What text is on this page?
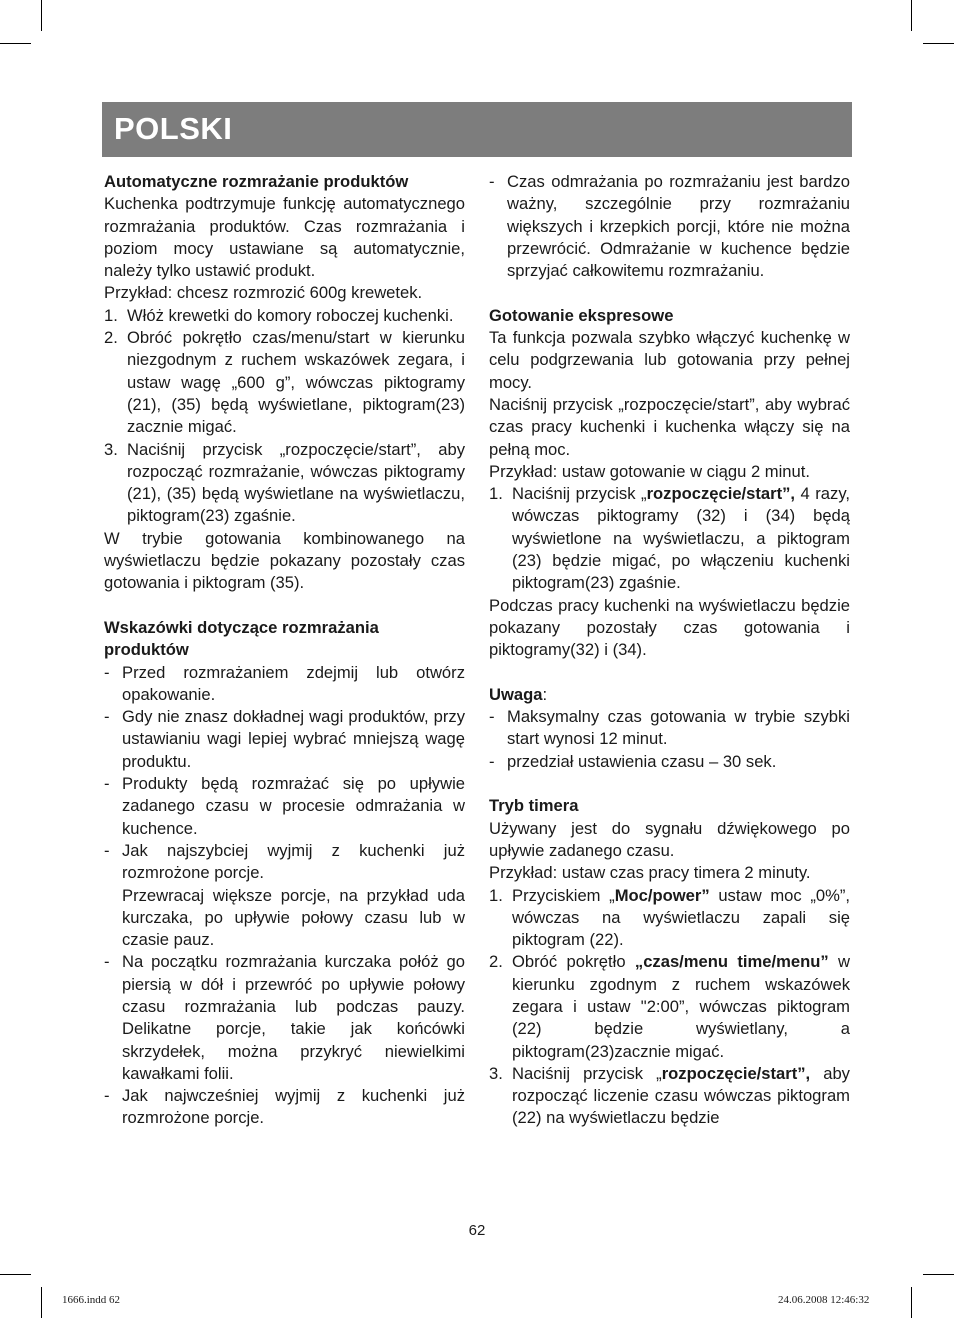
POLSKI

Automatyczne rozmrażanie produktów

Kuchenka podtrzymuje funkcję automatycznego rozmrażania produktów. Czas rozmrażania i poziom mocy ustawiane są automatycznie, należy tylko ustawić produkt.

Przykład: chcesz rozmrozić 600g krewetek.

1. Włóż krewetki do komory roboczej kuchenki.
2. Obróć pokrętło czas/menu/start w kierunku niezgodnym z ruchem wskazówek zegara, i ustaw wagę „600 g”, wówczas piktogramy (21), (35) będą wyświetlane, piktogram(23) zacznie migać.
3. Naciśnij przycisk „rozpoczęcie/start”, aby rozpocząć rozmrażanie, wówczas piktogramy (21), (35) będą wyświetlane na wyświetlaczu, piktogram(23) zgaśnie.

W trybie gotowania kombinowanego na wyświetlaczu będzie pokazany pozostały czas gotowania i piktogram (35).

Wskazówki dotyczące rozmrażania produktów

- Przed rozmrażaniem zdejmij lub otwórz opakowanie.
- Gdy nie znasz dokładnej wagi produktów, przy ustawianiu wagi lepiej wybrać mniejszą wagę produktu.
- Produkty będą rozmrażać się po upływie zadanego czasu w procesie odmrażania w kuchence.
- Jak najszybciej wyjmij z kuchenki już rozmrożone porcje.
Przewracaj większe porcje, na przykład uda kurczaka, po upływie połowy czasu lub w czasie pauz.
- Na początku rozmrażania kurczaka połóż go piersią w dół i przewróć po upływie połowy czasu rozmrażania lub podczas pauzy. Delikatne porcje, takie jak końcówki skrzydełek, można przykryć niewielkimi kawałkami folii.
- Jak najwcześniej wyjmij z kuchenki już rozmrożone porcje.
- Czas odmrażania po rozmrażaniu jest bardzo ważny, szczególnie przy rozmrażaniu większych i krzepkich porcji, które nie można przewrócić. Odmrażanie w kuchence będzie sprzyjać całkowitemu rozmrażaniu.

Gotowanie ekspresowe

Ta funkcja pozwala szybko włączyć kuchenkę w celu podgrzewania lub gotowania przy pełnej mocy.

Naciśnij przycisk „rozpoczęcie/start”, aby wybrać czas pracy kuchenki i kuchenka włączy się na pełną moc.

Przykład: ustaw gotowanie w ciągu 2 minut.

1. Naciśnij przycisk „rozpoczęcie/start”, 4 razy, wówczas piktogramy (32) i (34) będą wyświetlone na wyświetlaczu, a piktogram (23) będzie migać, po włączeniu kuchenki piktogram(23) zgaśnie.

Podczas pracy kuchenki na wyświetlaczu będzie pokazany pozostały czas gotowania i piktogramy(32) i (34).

Uwaga:

- Maksymalny czas gotowania w trybie szybki start wynosi 12 minut.
- przedział ustawienia czasu – 30 sek.

Tryb timera

Używany jest do sygnału dźwiękowego po upływie zadanego czasu.

Przykład: ustaw czas pracy timera 2 minuty.

1. Przyciskiem „Moc/power” ustaw moc „0%”, wówczas na wyświetlaczu zapali się piktogram (22).
2. Obróć pokrętło „czas/menu time/menu” w kierunku zgodnym z ruchem wskazówek zegara i ustaw "2:00”, wówczas piktogram (22) będzie wyświetlany, a piktogram(23)zacznie migać.
3. Naciśnij przycisk „rozpoczęcie/start”, aby rozpocząć liczenie czasu wówczas piktogram (22) na wyświetlaczu będzie
62
1666.indd 62	24.06.2008 12:46:32
